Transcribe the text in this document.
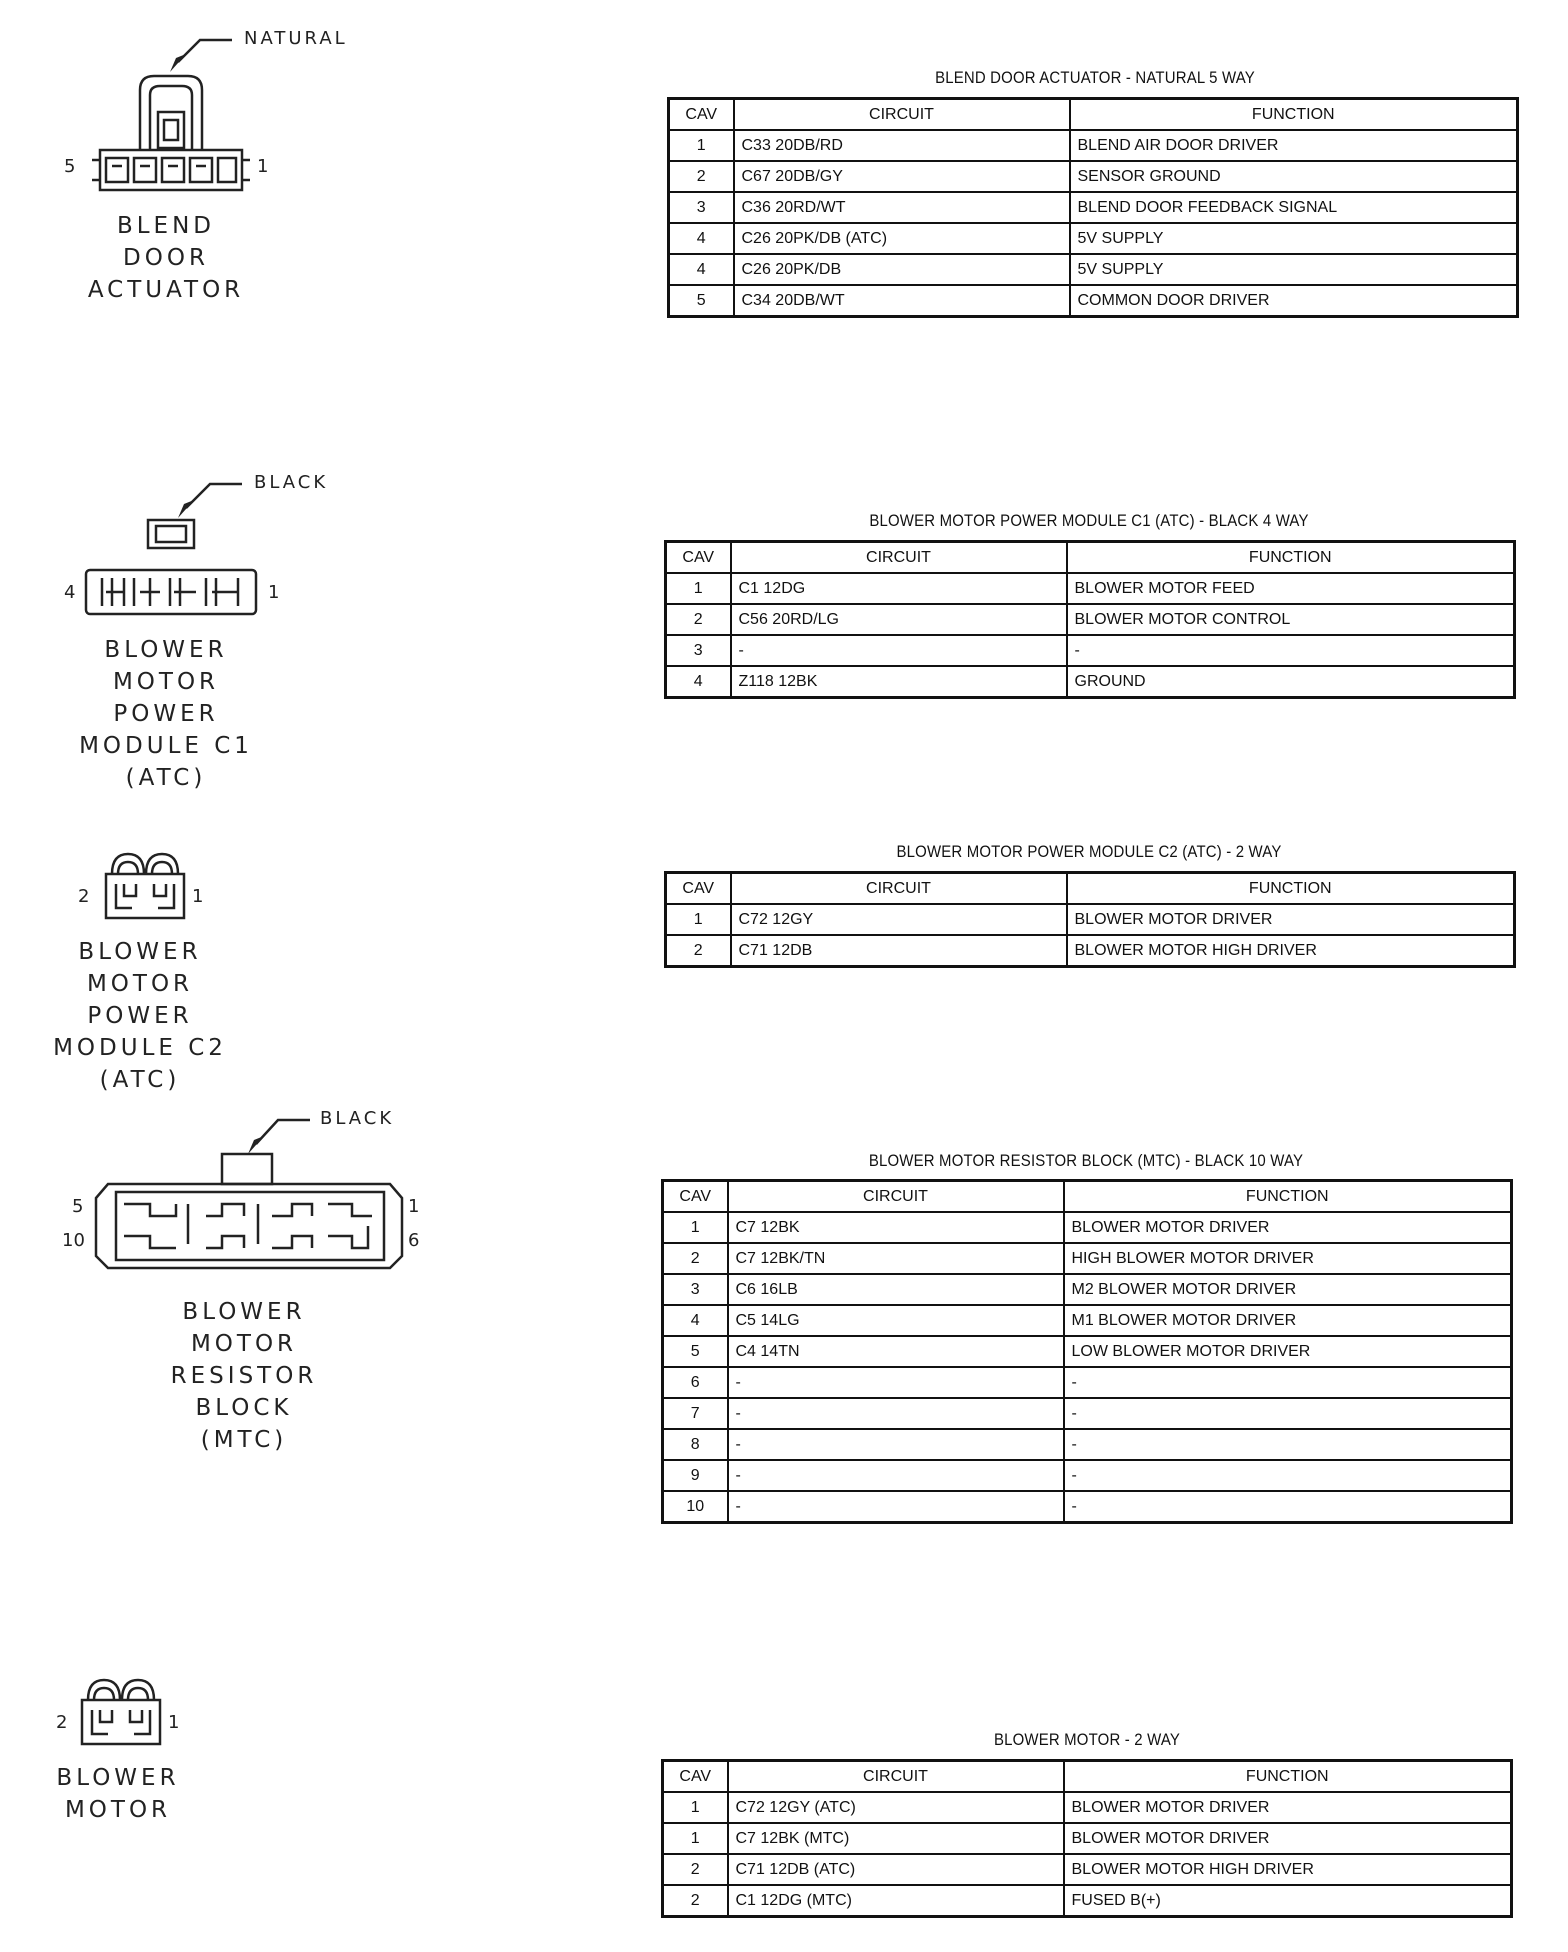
NATURAL
5	1
BLEND
DOOR
ACTUATOR
BLEND DOOR ACTUATOR - NATURAL 5 WAY
CAV	CIRCUIT	FUNCTION
1	C33 20DB/RD	BLEND AIR DOOR DRIVER
2	C67 20DB/GY	SENSOR GROUND
3	C36 20RD/WT	BLEND DOOR FEEDBACK SIGNAL
4	C26 20PK/DB (ATC)	5V SUPPLY
4	C26 20PK/DB	5V SUPPLY
5	C34 20DB/WT	COMMON DOOR DRIVER
BLACK
4	1
BLOWER
MOTOR
POWER
MODULE C1
(ATC)
BLOWER MOTOR POWER MODULE C1 (ATC) - BLACK 4 WAY
CAV	CIRCUIT	FUNCTION
1	C1 12DG	BLOWER MOTOR FEED
2	C56 20RD/LG	BLOWER MOTOR CONTROL
3	-	-
4	Z118 12BK	GROUND
2	1
BLOWER
MOTOR
POWER
MODULE C2
(ATC)
BLOWER MOTOR POWER MODULE C2 (ATC) - 2 WAY
CAV	CIRCUIT	FUNCTION
1	C72 12GY	BLOWER MOTOR DRIVER
2	C71 12DB	BLOWER MOTOR HIGH DRIVER
BLACK
5
10
1
6
BLOWER
MOTOR
RESISTOR
BLOCK
(MTC)
BLOWER MOTOR RESISTOR BLOCK (MTC) - BLACK 10 WAY
CAV	CIRCUIT	FUNCTION
1	C7 12BK	BLOWER MOTOR DRIVER
2	C7 12BK/TN	HIGH BLOWER MOTOR DRIVER
3	C6 16LB	M2 BLOWER MOTOR DRIVER
4	C5 14LG	M1 BLOWER MOTOR DRIVER
5	C4 14TN	LOW BLOWER MOTOR DRIVER
6	-	-
7	-	-
8	-	-
9	-	-
10	-	-
2	1
BLOWER
MOTOR
BLOWER MOTOR - 2 WAY
CAV	CIRCUIT	FUNCTION
1	C72 12GY (ATC)	BLOWER MOTOR DRIVER
1	C7 12BK (MTC)	BLOWER MOTOR DRIVER
2	C71 12DB (ATC)	BLOWER MOTOR HIGH DRIVER
2	C1 12DG (MTC)	FUSED B(+)
